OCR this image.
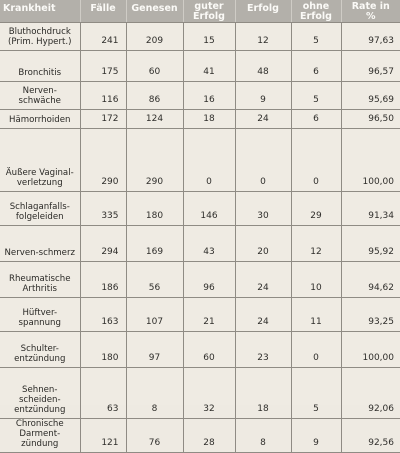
Krankheit	Fälle	Genesen	guter Erfolg	Erfolg	ohne Erfolg	Rate in %
Bluthochdruck (Prim. Hypert.)	241	209	15	12	5	97,63
Bronchitis	175	60	41	48	6	96,57
Nerven-schwäche	116	86	16	9	5	95,69
Hämorrhoiden	172	124	18	24	6	96,50
Äußere Vaginal-verletzung	290	290	0	0	0	100,00
Schlaganfalls-folgeleiden	335	180	146	30	29	91,34
Nerven-schmerz	294	169	43	20	12	95,92
Rheumatische Arthritis	186	56	96	24	10	94,62
Hüftver-spannung	163	107	21	24	11	93,25
Schulter-entzündung	180	97	60	23	0	100,00
Sehnen-scheiden-entzündung	63	8	32	18	5	92,06
Chronische Darment-zündung	121	76	28	8	9	92,56
